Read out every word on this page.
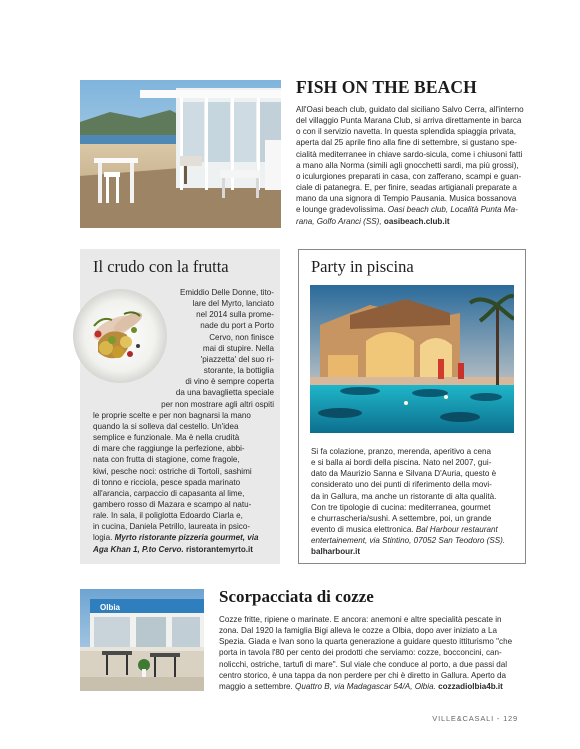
FISH ON THE BEACH
All'Oasi beach club, guidato dal siciliano Salvo Cerra, all'interno
del villaggio Punta Marana Club, si arriva direttamente in barca
o con il servizio navetta. In questa splendida spiaggia privata,
aperta dal 25 aprile fino alla fine di settembre, si gustano spe-
cialità mediterranee in chiave sardo-sicula, come i chiusoni fatti
a mano alla Norma (simili agli gnocchetti sardi, ma più grossi),
o iculurgiones preparati in casa, con zafferano, scampi e guan-
ciale di patanegra. E, per finire, seadas artigianali preparate a
mano da una signora di Tempio Pausania. Musica bossanova
e lounge gradevolissima. Oasi beach club, Località Punta Ma-
rana, Golfo Aranci (SS), oasibeach.club.it
Il crudo con la frutta
Emiddio Delle Donne, tito-
lare del Myrto, lanciato
nel 2014 sulla prome-
nade du port a Porto
Cervo, non finisce
mai di stupire. Nella
'piazzetta' del suo ri-
storante, la bottiglia
di vino è sempre coperta
da una bavaglietta speciale
per non mostrare agli altri ospiti
le proprie scelte e per non bagnarsi la mano
quando la si solleva dal cestello. Un'idea
semplice e funzionale. Ma è nella crudità
di mare che raggiunge la perfezione, abbi-
nata con frutta di stagione, come fragole,
kiwi, pesche noci: ostriche di Tortolì, sashimi
di tonno e ricciola, pesce spada marinato
all'arancia, carpaccio di capasanta al lime,
gambero rosso di Mazara e scampo al natu-
rale. In sala, il poliglotta Edoardo Ciarla e,
in cucina, Daniela Petrillo, laureata in psico-
logia. Myrto ristorante pizzeria gourmet, via
Aga Khan 1, P.to Cervo. ristorantemyrto.it
Party in piscina
Si fa colazione, pranzo, merenda, aperitivo a cena
e si balla ai bordi della piscina. Nato nel 2007, gui-
dato da Maurizio Sanna e Silvana D'Auria, questo è
considerato uno dei punti di riferimento della movi-
da in Gallura, ma anche un ristorante di alta qualità.
Con tre tipologie di cucina: mediterranea, gourmet
e churrascheria/sushi. A settembre, poi, un grande
evento di musica elettronica. Bal Harbour restaurant
entertainement, via Stintino, 07052 San Teodoro (SS).
balharbour.it
Olbia
Scorpacciata di cozze
Cozze fritte, ripiene o marinate. E ancora: anemoni e altre specialità pescate in
zona. Dal 1920 la famiglia Bigi alleva le cozze a Olbia, dopo aver iniziato a La
Spezia. Giada e Ivan sono la quarta generazione a guidare questo ittiturismo "che
porta in tavola l'80 per cento dei prodotti che serviamo: cozze, bocconcini, can-
nolicchi, ostriche, tartufi di mare". Sul viale che conduce al porto, a due passi dal
centro storico, è una tappa da non perdere per chi è diretto in Gallura. Aperto da
maggio a settembre. Quattro B, via Madagascar 54/A, Olbia. cozzadiolbia4b.it
VILLE&CASALI - 129
